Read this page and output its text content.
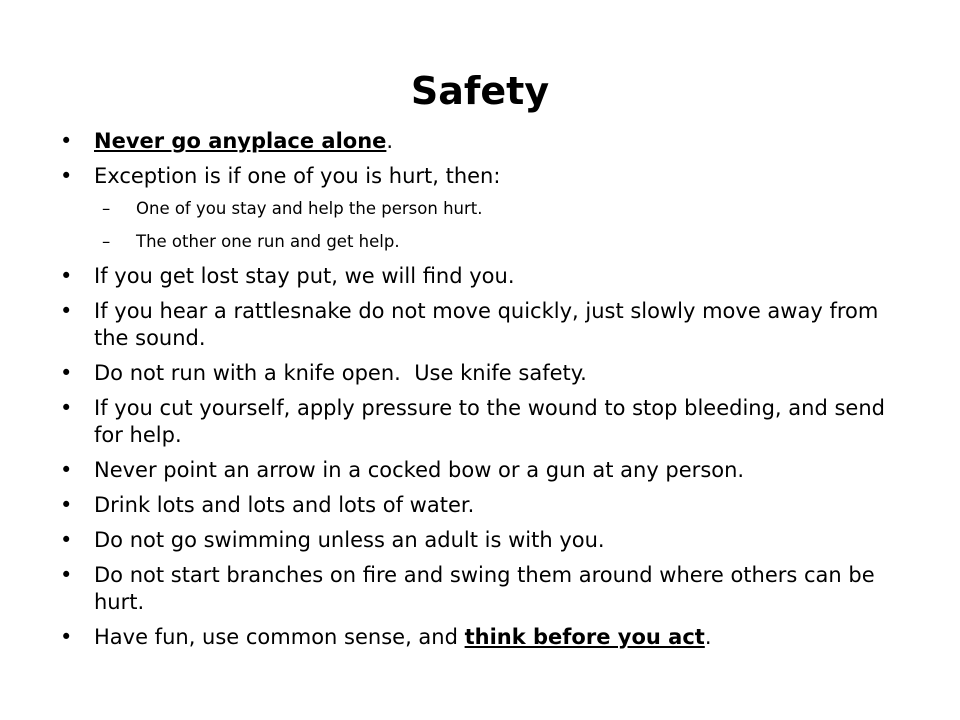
Safety
•	Never go anyplace alone.
•	Exception is if one of you is hurt, then:
– One of you stay and help the person hurt.
– The other one run and get help.
•	If you get lost stay put, we will find you.
•	If you hear a rattlesnake do not move quickly, just slowly move away from the sound.
•	Do not run with a knife open.  Use knife safety.
•	If you cut yourself, apply pressure to the wound to stop bleeding, and send for help.
•	Never point an arrow in a cocked bow or a gun at any person.
•	Drink lots and lots and lots of water.
•	Do not go swimming unless an adult is with you.
•	Do not start branches on fire and swing them around where others can be hurt.
•	Have fun, use common sense, and think before you act.
